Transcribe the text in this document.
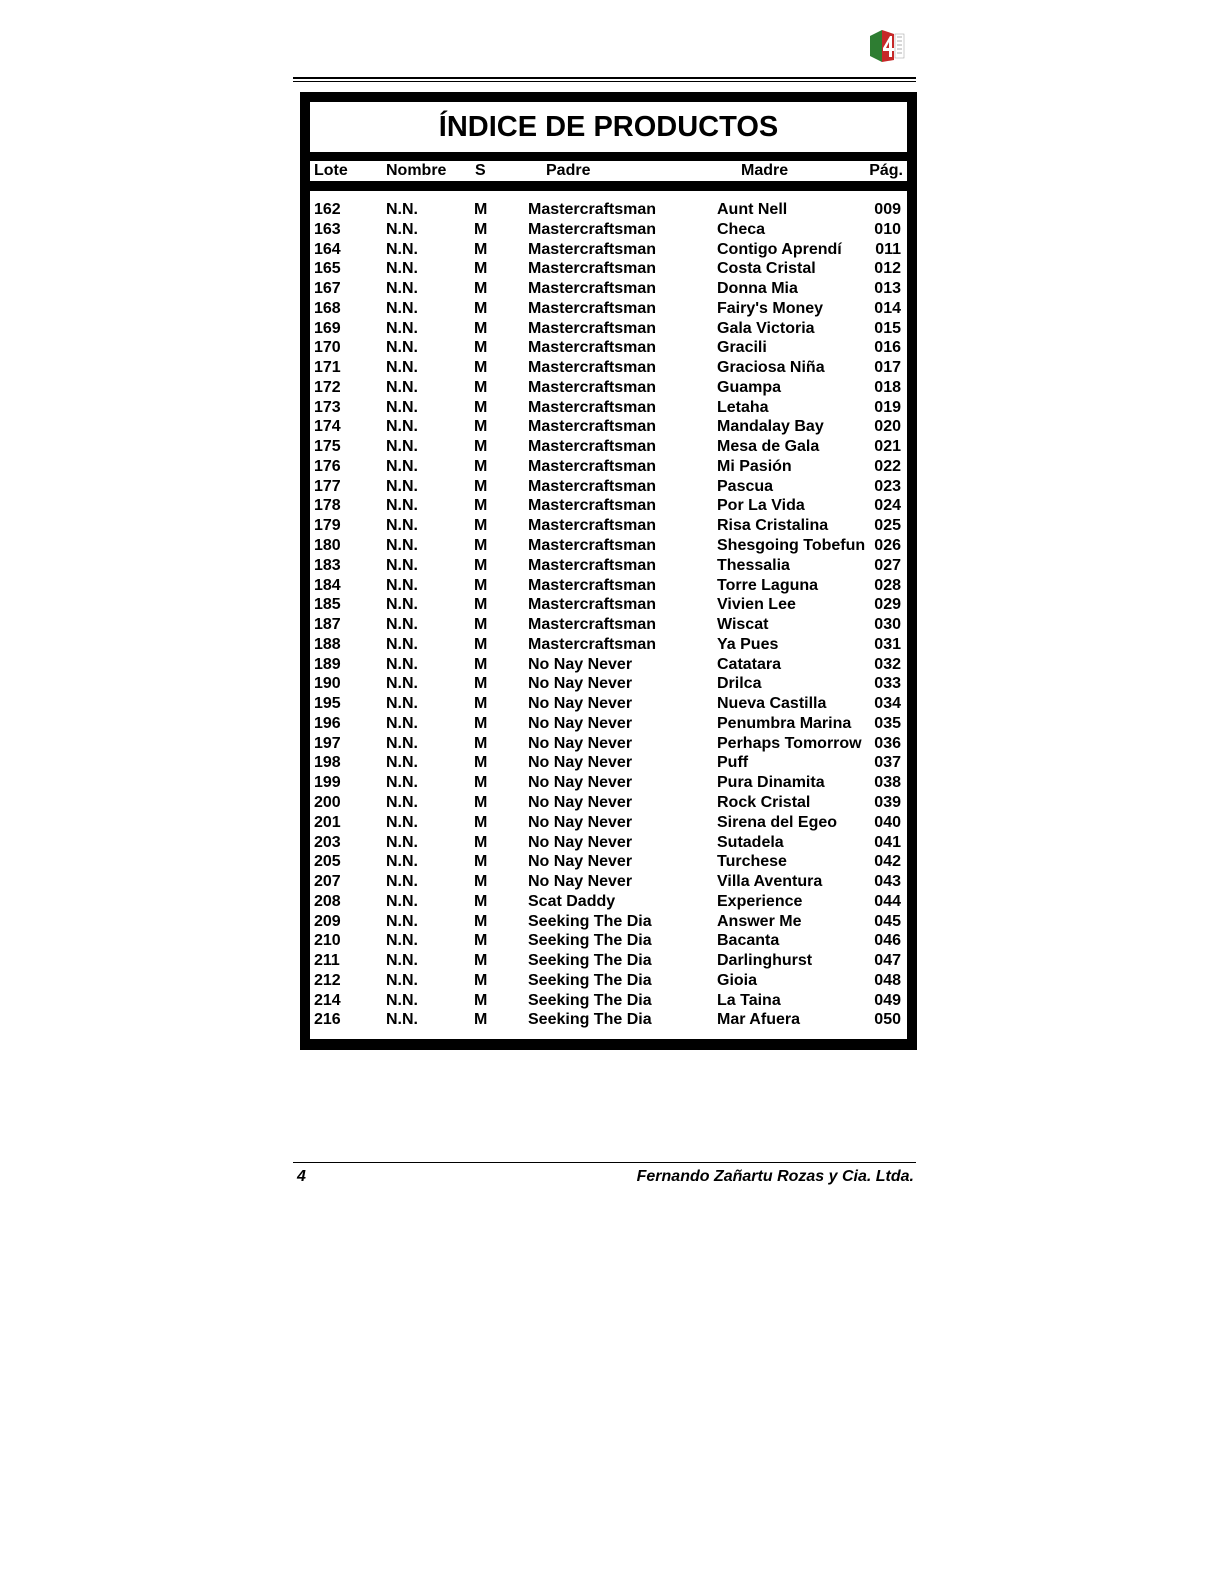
ÍNDICE DE PRODUCTOS
Lote Nombre S	Padre	Madre	Pág.
162	N.N.	M	Mastercraftsman	Aunt Nell	009
163	N.N.	M	Mastercraftsman	Checa	010
164	N.N.	M	Mastercraftsman	Contigo Aprendí 011
165	N.N.	M	Mastercraftsman	Costa Cristal	012
167	N.N.	M	Mastercraftsman	Donna Mia	013
168	N.N.	M	Mastercraftsman	Fairy's Money	014
169	N.N.	M	Mastercraftsman	Gala Victoria	015
170	N.N.	M	Mastercraftsman	Gracili	016
171	N.N.	M	Mastercraftsman	Graciosa Niña	017
172	N.N.	M	Mastercraftsman	Guampa	018
173	N.N.	M	Mastercraftsman	Letaha	019
174	N.N.	M	Mastercraftsman	Mandalay Bay	020
175	N.N.	M	Mastercraftsman	Mesa de Gala	021
176	N.N.	M	Mastercraftsman	Mi Pasión	022
177	N.N.	M	Mastercraftsman	Pascua	023
178	N.N.	M	Mastercraftsman	Por La Vida	024
179	N.N.	M	Mastercraftsman	Risa Cristalina	025
180	N.N.	M	Mastercraftsman	Shesgoing Tobefun 026
183	N.N.	M	Mastercraftsman	Thessalia	027
184	N.N.	M	Mastercraftsman	Torre Laguna	028
185	N.N.	M	Mastercraftsman	Vivien Lee	029
187	N.N.	M	Mastercraftsman	Wiscat	030
188	N.N.	M	Mastercraftsman	Ya Pues	031
189	N.N.	M	No Nay Never	Catatara	032
190	N.N.	M	No Nay Never	Drilca	033
195	N.N.	M	No Nay Never	Nueva Castilla	034
196	N.N.	M	No Nay Never	Penumbra Marina 035
197	N.N.	M	No Nay Never	Perhaps Tomorrow 036
198	N.N.	M	No Nay Never	Puff	037
199	N.N.	M	No Nay Never	Pura Dinamita	038
200	N.N.	M	No Nay Never	Rock Cristal	039
201	N.N.	M	No Nay Never	Sirena del Egeo 040
203	N.N.	M	No Nay Never	Sutadela	041
205	N.N.	M	No Nay Never	Turchese	042
207	N.N.	M	No Nay Never	Villa Aventura	043
208	N.N.	M	Scat Daddy	Experience	044
209	N.N.	M	Seeking The Dia	Answer Me	045
210	N.N.	M	Seeking The Dia	Bacanta	046
211	N.N.	M	Seeking The Dia	Darlinghurst	047
212	N.N.	M	Seeking The Dia	Gioia	048
214	N.N.	M	Seeking The Dia	La Taina	049
216	N.N.	M	Seeking The Dia	Mar Afuera	050
4	Fernando Zañartu Rozas y Cia. Ltda.
